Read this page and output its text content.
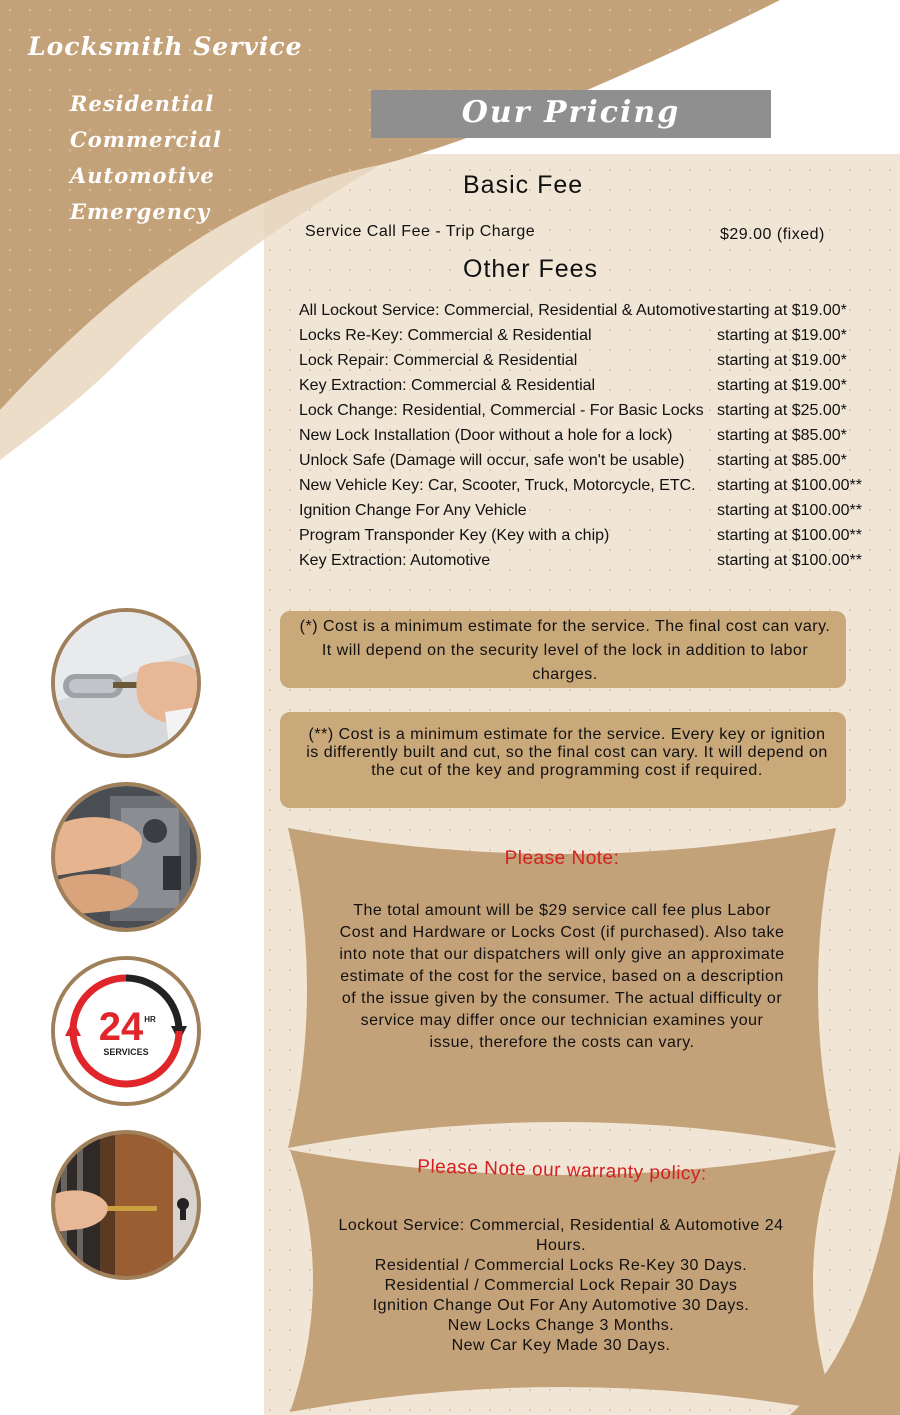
Locksmith Service
Residential
Commercial
Automotive
Emergency
Our Pricing
Basic Fee
Service Call Fee - Trip Charge	$29.00 (fixed)
Other Fees
All Lockout Service: Commercial, Residential & Automotive starting at $19.00*
Locks Re-Key: Commercial & Residential	starting at $19.00*
Lock Repair: Commercial & Residential	starting at $19.00*
Key Extraction: Commercial & Residential	starting at $19.00*
Lock Change: Residential, Commercial - For Basic Locks starting at $25.00*
New Lock Installation (Door without a hole for a lock)	starting at $85.00*
Unlock Safe (Damage will occur, safe won't be usable) starting at $85.00*
New Vehicle Key: Car, Scooter, Truck, Motorcycle, ETC. starting at $100.00**
Ignition Change For Any Vehicle	starting at $100.00**
Program Transponder Key (Key with a chip)	starting at $100.00**
Key Extraction: Automotive	starting at $100.00**
(*) Cost is a minimum estimate for the service. The final cost can vary. It will depend on the security level of the lock in addition to labor charges.
(**) Cost is a minimum estimate for the service. Every key or ignition is differently built and cut, so the final cost can vary. It will depend on the cut of the key and programming cost if required.
Please Note:
The total amount will be $29 service call fee plus Labor Cost and Hardware or Locks Cost (if purchased). Also take into note that our dispatchers will only give an approximate estimate of the cost for the service, based on a description of the issue given by the consumer. The actual difficulty or service may differ once our technician examines your issue, therefore the costs can vary.
Please Note our warranty policy:
Lockout Service: Commercial, Residential & Automotive 24 Hours.
Residential / Commercial Locks Re-Key 30 Days.
Residential / Commercial Lock Repair 30 Days
Ignition Change Out For Any Automotive 30 Days.
New Locks Change 3 Months.
New Car Key Made 30 Days.
24 HR
SERVICES
